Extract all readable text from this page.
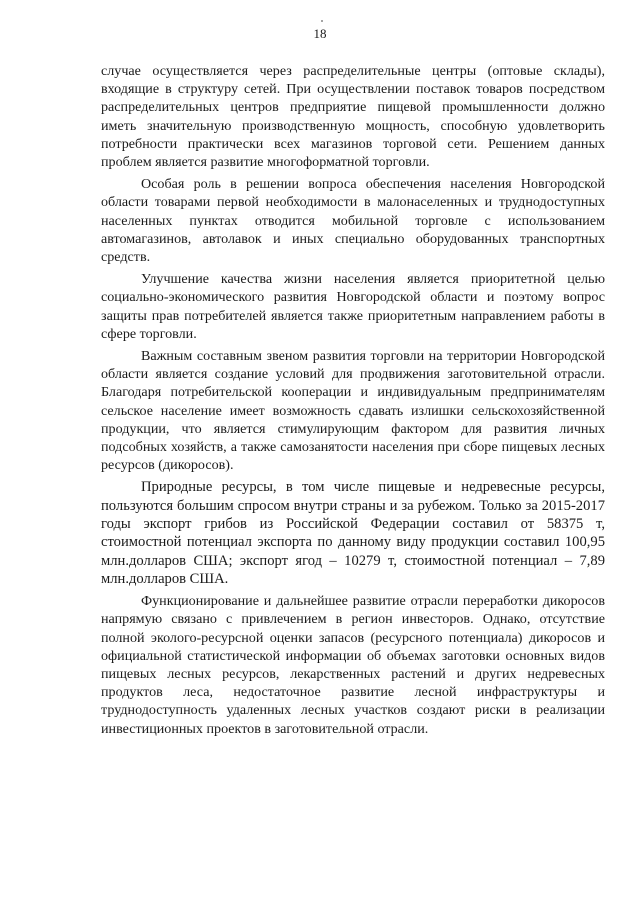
18

случае осуществляется через распределительные центры (оптовые склады), входящие в структуру сетей. При осуществлении поставок товаров посредством распределительных центров предприятие пищевой промышленности должно иметь значительную производственную мощность, способную удовлетворить потребности практически всех магазинов торговой сети. Решением данных проблем является развитие многоформатной торговли.

Особая роль в решении вопроса обеспечения населения Новгородской области товарами первой необходимости в малонаселенных и труднодоступных населенных пунктах отводится мобильной торговле с использованием автомагазинов, автолавок и иных специально оборудованных транспортных средств.

Улучшение качества жизни населения является приоритетной целью социально-экономического развития Новгородской области и поэтому вопрос защиты прав потребителей является также приоритетным направлением работы в сфере торговли.

Важным составным звеном развития торговли на территории Новгородской области является создание условий для продвижения заготовительной отрасли. Благодаря потребительской кооперации и индивидуальным предпринимателям сельское население имеет возможность сдавать излишки сельскохозяйственной продукции, что является стимулирующим фактором для развития личных подсобных хозяйств, а также самозанятости населения при сборе пищевых лесных ресурсов (дикоросов).

Природные ресурсы, в том числе пищевые и недревесные ресурсы, пользуются большим спросом внутри страны и за рубежом. Только за 2015-2017 годы экспорт грибов из Российской Федерации составил от 58375 т, стоимостной потенциал экспорта по данному виду продукции составил 100,95 млн.долларов США; экспорт ягод – 10279 т, стоимостной потенциал – 7,89 млн.долларов США.

Функционирование и дальнейшее развитие отрасли переработки дикоросов напрямую связано с привлечением в регион инвесторов. Однако, отсутствие полной эколого-ресурсной оценки запасов (ресурсного потенциала) дикоросов и официальной статистической информации об объемах заготовки основных видов пищевых лесных ресурсов, лекарственных растений и других недревесных продуктов леса, недостаточное развитие лесной инфраструктуры и труднодоступность удаленных лесных участков создают риски в реализации инвестиционных проектов в заготовительной отрасли.
